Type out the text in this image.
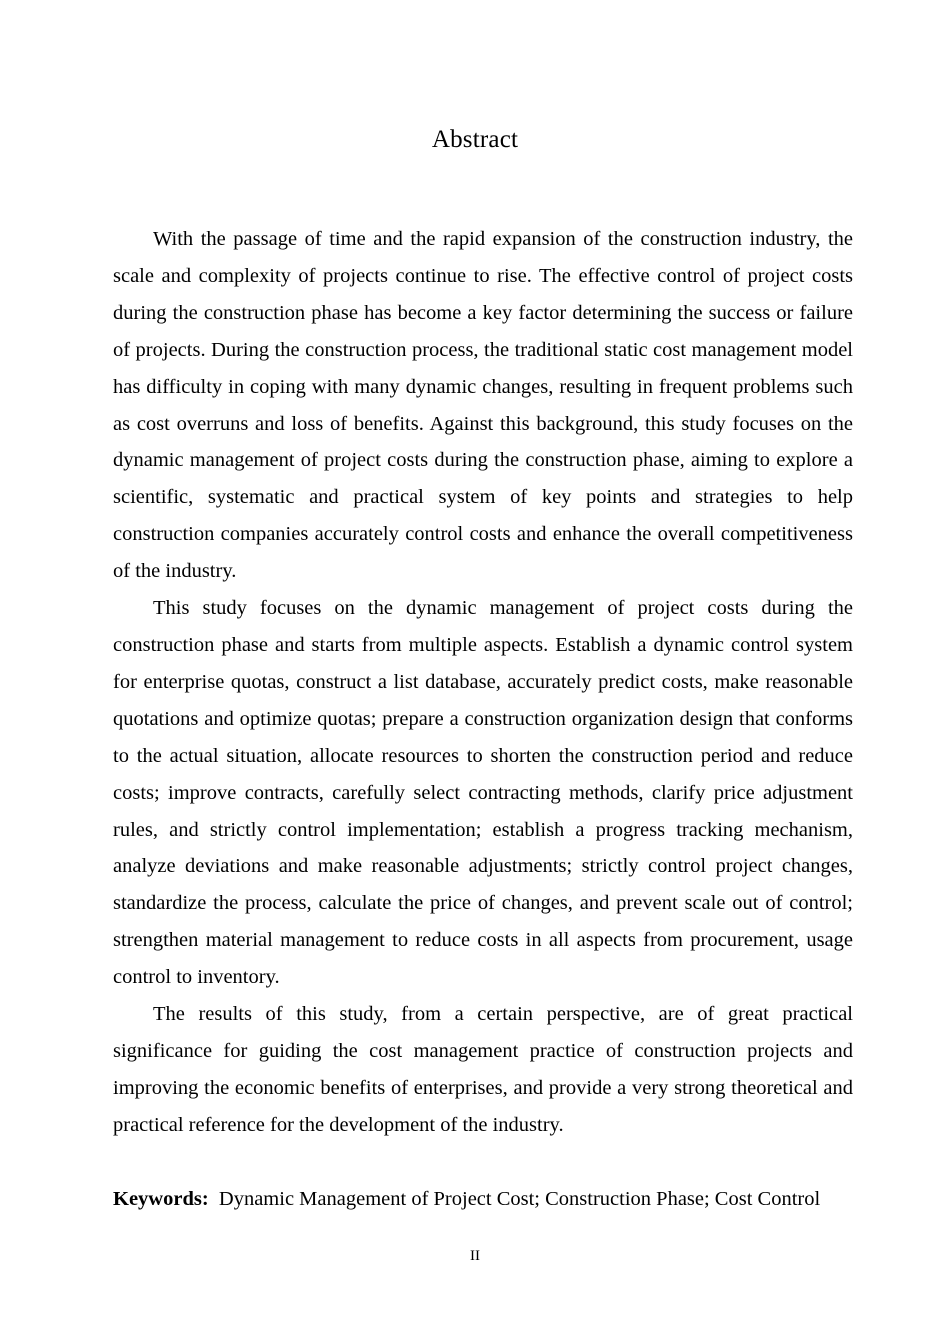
Abstract

With the passage of time and the rapid expansion of the construction industry, the scale and complexity of projects continue to rise. The effective control of project costs during the construction phase has become a key factor determining the success or failure of projects. During the construction process, the traditional static cost management model has difficulty in coping with many dynamic changes, resulting in frequent problems such as cost overruns and loss of benefits. Against this background, this study focuses on the dynamic management of project costs during the construction phase, aiming to explore a scientific, systematic and practical system of key points and strategies to help construction companies accurately control costs and enhance the overall competitiveness of the industry.

This study focuses on the dynamic management of project costs during the construction phase and starts from multiple aspects. Establish a dynamic control system for enterprise quotas, construct a list database, accurately predict costs, make reasonable quotations and optimize quotas; prepare a construction organization design that conforms to the actual situation, allocate resources to shorten the construction period and reduce costs; improve contracts, carefully select contracting methods, clarify price adjustment rules, and strictly control implementation; establish a progress tracking mechanism, analyze deviations and make reasonable adjustments; strictly control project changes, standardize the process, calculate the price of changes, and prevent scale out of control; strengthen material management to reduce costs in all aspects from procurement, usage control to inventory.

The results of this study, from a certain perspective, are of great practical significance for guiding the cost management practice of construction projects and improving the economic benefits of enterprises, and provide a very strong theoretical and practical reference for the development of the industry.

Keywords: Dynamic Management of Project Cost; Construction Phase; Cost Control

II
